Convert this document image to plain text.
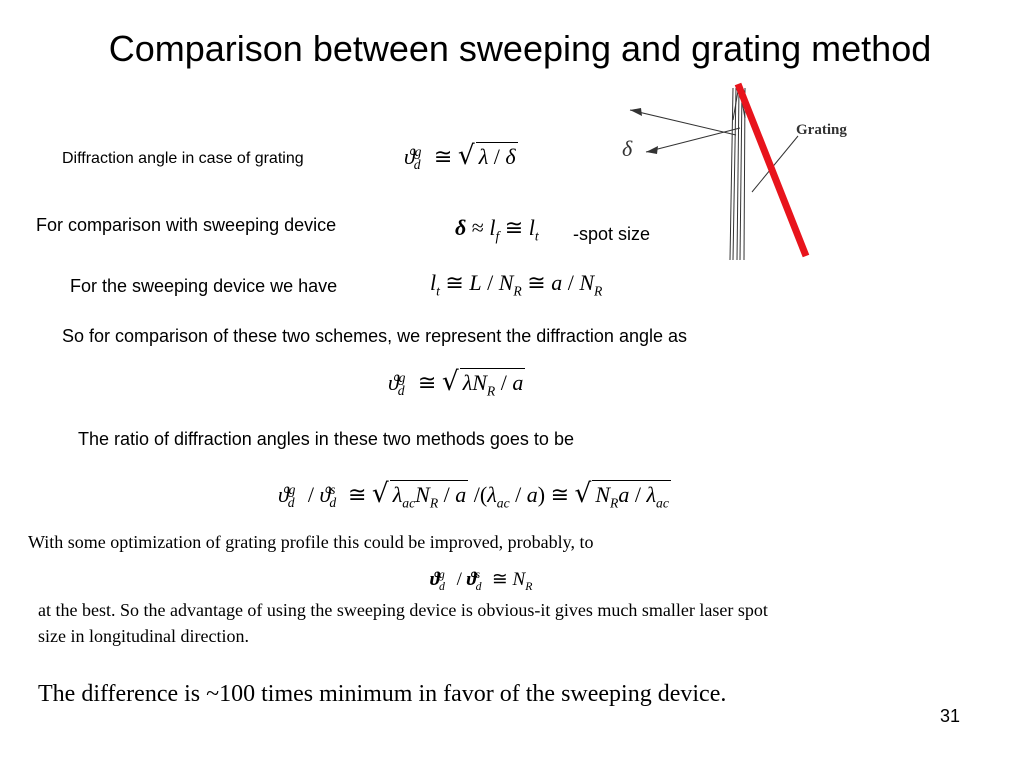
Comparison between sweeping and grating method
Grating
δ
Diffraction angle in case of grating	$ϑ_d^g$ ≅ √ λ / δ
For comparison with sweeping device	$\delta \approx l_f$ ≅ $l_t$ -spot size
For the sweeping device we have	$l_t$ ≅ L / $N_R$ ≅ a / $N_R$
So for comparison of these two schemes, we represent the diffraction angle as
$ϑ_d^g$ ≅ √ $\lambda N_R$ / a
The ratio of diffraction angles in these two methods goes to be
$ϑ_d^g / ϑ_d^s$ ≅ √ $\lambda_{ac}N_R$ / a $/(\lambda_{ac} / a)$ ≅ √ $N_Ra / \lambda_{ac}$
With some optimization of grating profile this could be improved, probably, to
$ϑ_d^g / ϑ_d^s$ ≅ $N_R$
at the best. So the advantage of using the sweeping device is obvious-it gives much smaller laser spot
size in longitudinal direction.
The difference is ~100 times minimum in favor of the sweeping device.
31
